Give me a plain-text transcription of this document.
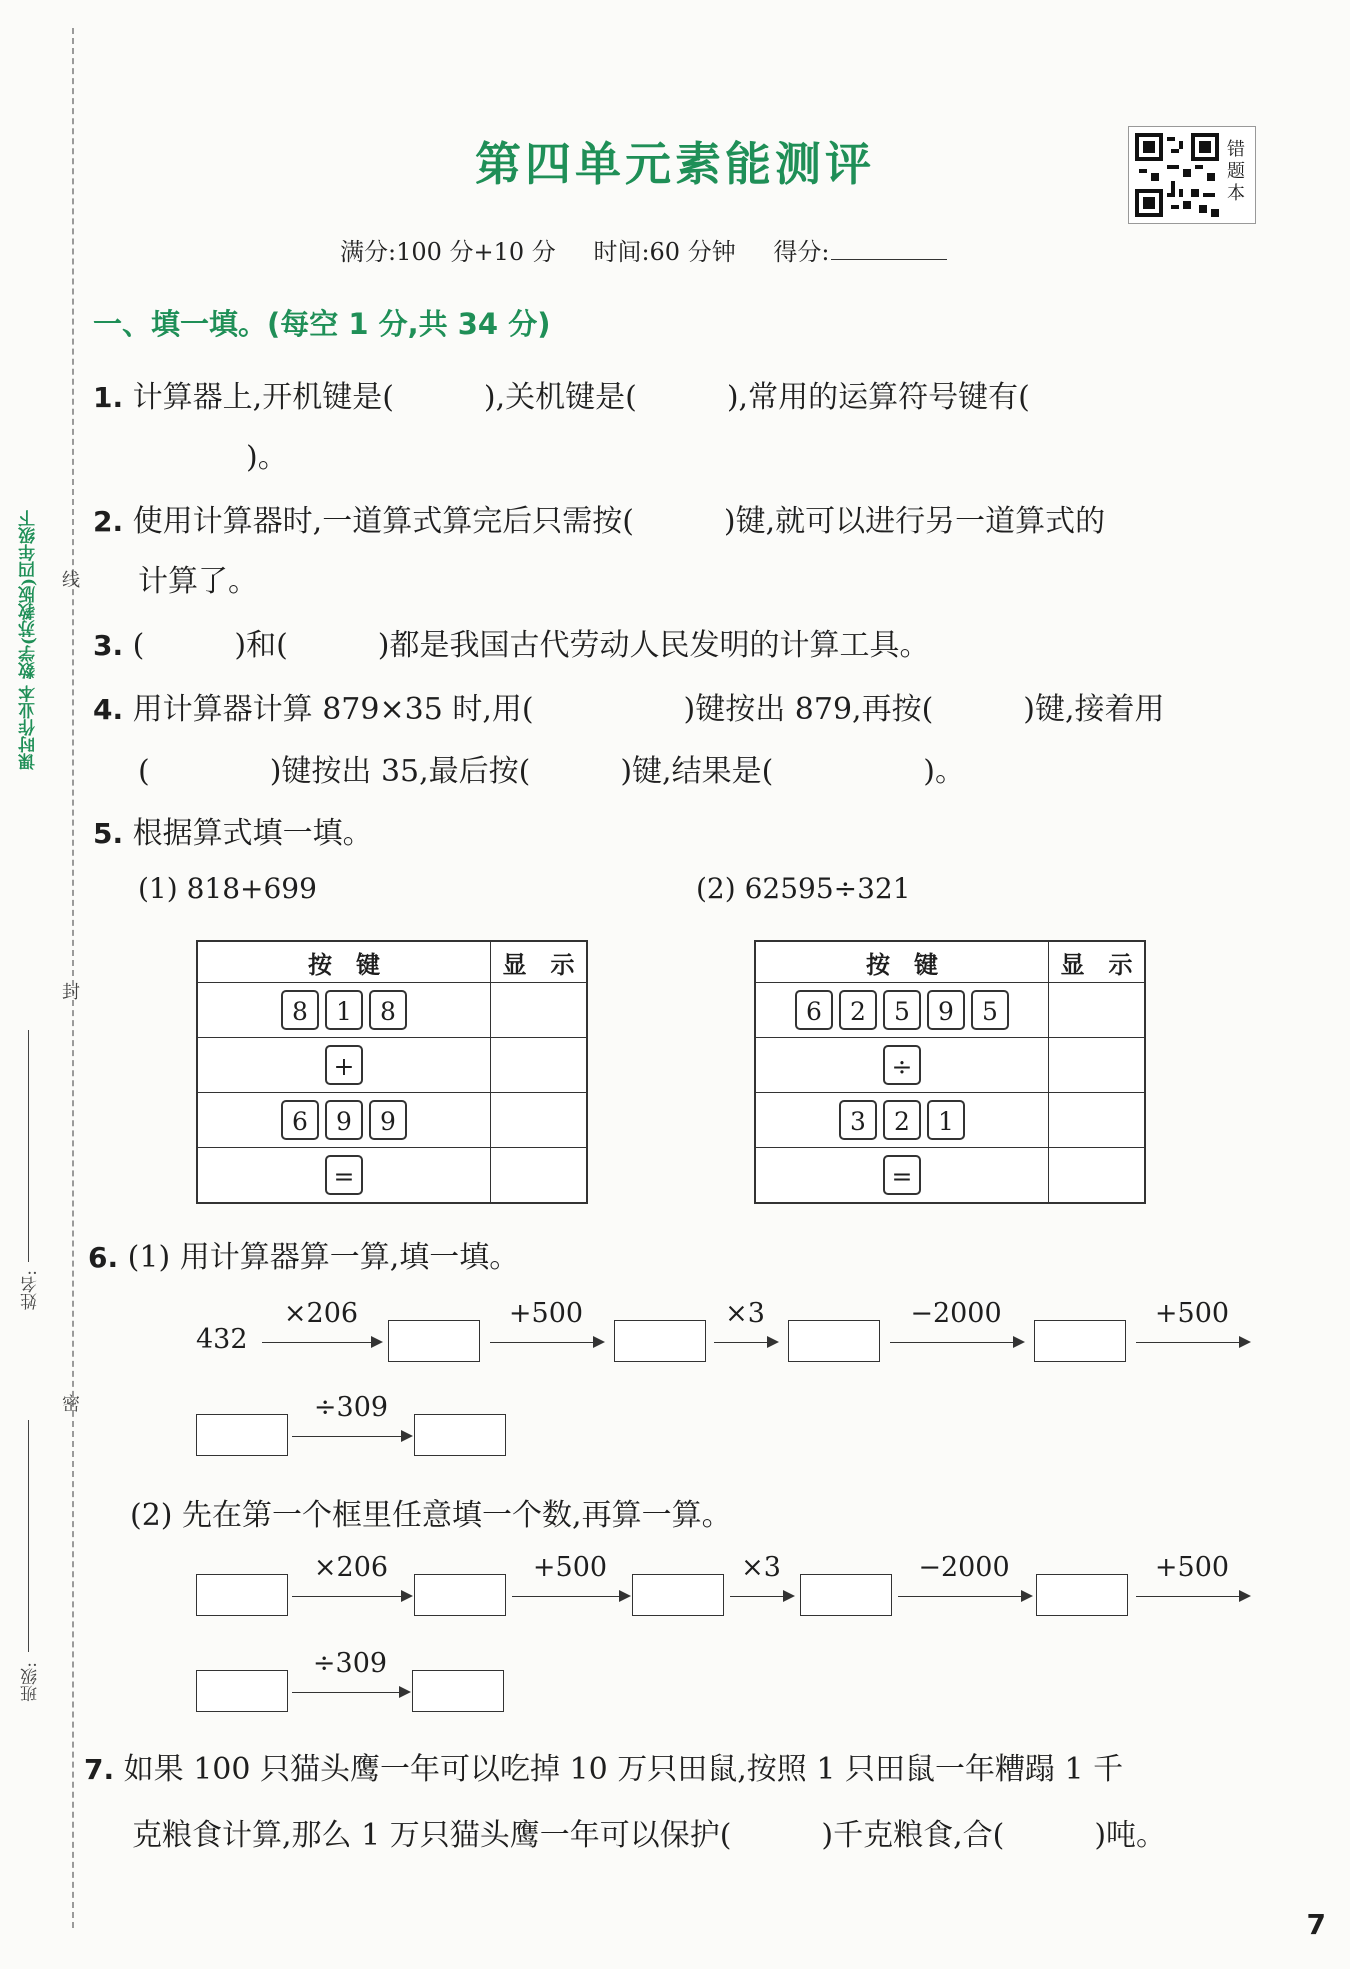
课时作业本 数学(苏教版)四年级下 线
封
密
班级:
姓名:
第四单元素能测评
满分:100 分+10 分 时间:60 分钟 得分:
错题本
一、填一填。(每空 1 分,共 34 分)
1. 计算器上,开机键是(　　　),关机键是(　　　),常用的运算符号键有(
)。
2. 使用计算器时,一道算式算完后只需按(　　　)键,就可以进行另一道算式的
计算了。
3. (　　　)和(　　　)都是我国古代劳动人民发明的计算工具。
4. 用计算器计算 879×35 时,用(　　　　　)键按出 879,再按(　　　)键,接着用
(　　　　)键按出 35,最后按(　　　)键,结果是(　　　　　)。
5. 根据算式填一填。
(1) 818+699	(2) 62595÷321
按　键	显　示
8 1 8	
+	
6 9 9	
=	
按　键	显　示
6 2 5 9 5	
÷	
3 2 1	
=	
6. (1) 用计算器算一算,填一填。
432
×206	+500	×3	−2000	+500
÷309
(2) 先在第一个框里任意填一个数,再算一算。
×206	+500	×3	−2000	+500
÷309
7. 如果 100 只猫头鹰一年可以吃掉 10 万只田鼠,按照 1 只田鼠一年糟蹋 1 千
克粮食计算,那么 1 万只猫头鹰一年可以保护(　　　)千克粮食,合(　　　)吨。
7
